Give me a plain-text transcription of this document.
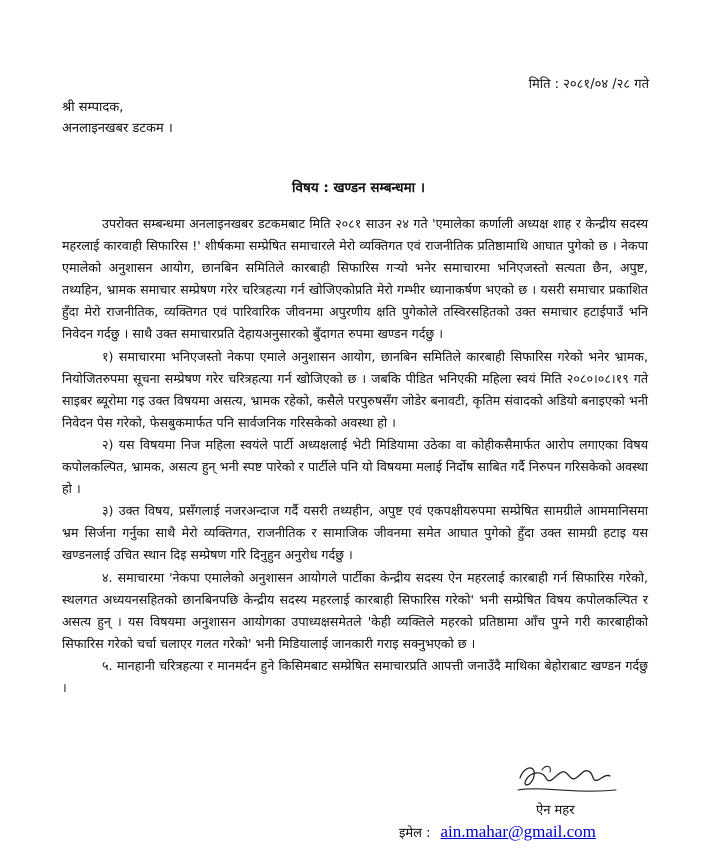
मिति : २०८१/०४ /२८ गते
श्री सम्पादक,
अनलाइनखबर डटकम ।
विषय : खण्डन सम्बन्धमा ।

उपरोक्त सम्बन्धमा अनलाइनखबर डटकमबाट मिति २०८१ साउन २४ गते 'एमालेका कर्णाली अध्यक्ष शाह र केन्द्रीय सदस्य महरलाई कारवाही सिफारिस !' शीर्षकमा सम्प्रेषित समाचारले मेरो व्यक्तिगत एवं राजनीतिक प्रतिष्ठामाथि आघात पुगेको छ । नेकपा एमालेको अनुशासन आयोग, छानबिन समितिले कारबाही सिफारिस गऱ्यो भनेर समाचारमा भनिएजस्तो सत्यता छैन, अपुष्ट, तथ्यहिन, भ्रामक समाचार सम्प्रेषण गरेर चरित्रहत्या गर्न खोजिएकोप्रति मेरो गम्भीर ध्यानाकर्षण भएको छ । यसरी समाचार प्रकाशित हुँदा मेरो राजनीतिक, व्यक्तिगत एवं पारिवारिक जीवनमा अपुरणीय क्षति पुगेकोले तस्विरसहितको उक्त समाचार हटाईपाउँ भनि निवेदन गर्दछु । साथै उक्त समाचारप्रति देहायअनुसारको बुँदागत रुपमा खण्डन गर्दछु ।

१) समाचारमा भनिएजस्तो नेकपा एमाले अनुशासन आयोग, छानबिन समितिले कारबाही सिफारिस गरेको भनेर भ्रामक, नियोजितरुपमा सूचना सम्प्रेषण गरेर चरित्रहत्या गर्न खोजिएको छ । जबकि पीडित भनिएकी महिला स्वयं मिति २०८०।०८।१९ गते साइबर ब्यूरोमा गइ उक्त विषयमा असत्य, भ्रामक रहेको, कसैले परपुरुषसँग जोडेर बनावटी, कृतिम संवादको अडियो बनाइएको भनी निवेदन पेस गरेको, फेसबुकमार्फत पनि सार्वजनिक गरिसकेको अवस्था हो ।

२) यस विषयमा निज महिला स्वयंले पार्टी अध्यक्षलाई भेटी मिडियामा उठेका वा कोहीकसैमार्फत आरोप लगाएका विषय कपोलकल्पित, भ्रामक, असत्य हुन् भनी स्पष्ट पारेको र पार्टीले पनि यो विषयमा मलाई निर्दोष साबित गर्दै निरुपन गरिसकेको अवस्था हो ।

३) उक्त विषय, प्रसँगलाई नजरअन्दाज गर्दै यसरी तथ्यहीन, अपुष्ट एवं एकपक्षीयरुपमा सम्प्रेषित सामग्रीले आममानिसमा भ्रम सिर्जना गर्नुका साथै मेरो व्यक्तिगत, राजनीतिक र सामाजिक जीवनमा समेत आघात पुगेको हुँदा उक्त सामग्री हटाइ यस खण्डनलाई उचित स्थान दिइ सम्प्रेषण गरि दिनुहुन अनुरोध गर्दछु ।

४. समाचारमा 'नेकपा एमालेको अनुशासन आयोगले पार्टीका केन्द्रीय सदस्य ऐन महरलाई कारबाही गर्न सिफारिस गरेको, स्थलगत अध्ययनसहितको छानबिनपछि केन्द्रीय सदस्य महरलाई कारबाही सिफारिस गरेको' भनी सम्प्रेषित विषय कपोलकल्पित र असत्य हुन् । यस विषयमा अनुशासन आयोगका उपाध्यक्षसमेतले 'केही व्यक्तिले महरको प्रतिष्ठामा आँच पुग्ने गरी कारबाहीको सिफारिस गरेको चर्चा चलाएर गलत गरेको' भनी मिडियालाई जानकारी गराइ सक्नुभएको छ ।

५. मानहानी चरित्रहत्या र मानमर्दन हुने किसिमबाट सम्प्रेषित समाचारप्रति आपत्ती जनाउँदै माथिका बेहोराबाट खण्डन गर्दछु ।

ऐन महर
इमेल : ain.mahar@gmail.com
